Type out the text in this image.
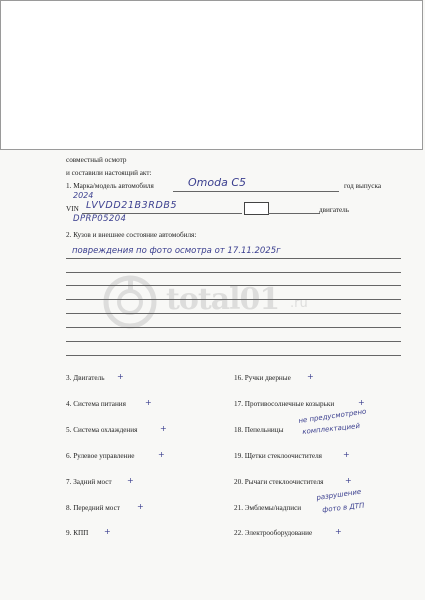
совместный осмотр
и составили настоящий акт:
1. Марка/модель автомобиля	Omoda C5	год выпуска
2024
VIN LVVDD21B3RDB5	двигатель
DPRP05204
2. Кузов и внешнее состояние автомобиля:
повреждения по фото осмотра от 17.11.2025г
total01 .ru
3. Двигатель +
4. Система питания +
5. Система охлаждения	+
6. Рулевое управление	+
7. Задний мост +
8. Передний мост +
9. КПП +
16. Ручки дверные +
17. Противосолнечные козырьки	+
18. Пепельницы
не предусмотрено
комплектацией
19. Щетки стеклоочистителя	+
20. Рычаги стеклоочистителя	+
21. Эмблемы/надписи
разрушение
фото в ДТП
22. Электрооборудование	+
